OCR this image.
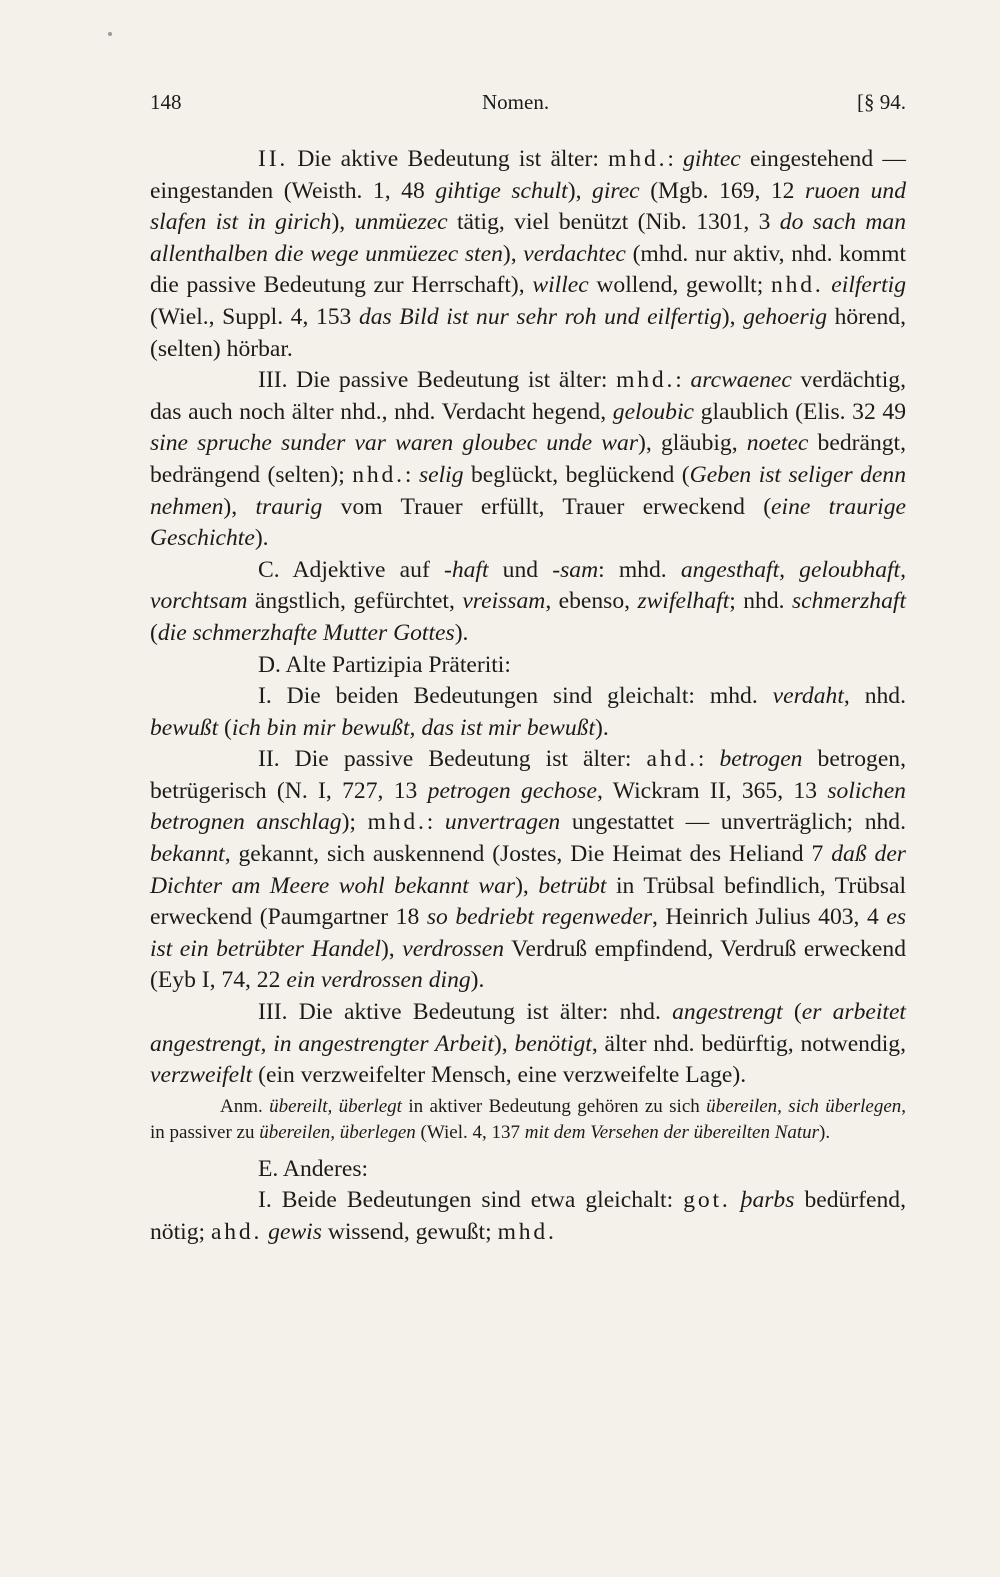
148	Nomen.	[§ 94.

II. Die aktive Bedeutung ist älter: mhd.: gihtec eingestehend —eingestanden (Weisth. 1, 48 gihtige schult), girec (Mgb. 169, 12 ruoen und slafen ist in girich), unmüezec tätig, viel benützt (Nib. 1301, 3 do sach man allenthalben die wege unmüezec sten), verdachtec (mhd. nur aktiv, nhd. kommt die passive Bedeutung zur Herrschaft), willec wollend, gewollt; nhd. eilfertig (Wiel., Suppl. 4, 153 das Bild ist nur sehr roh und eilfertig), gehoerig hörend, (selten) hörbar.

III. Die passive Bedeutung ist älter: mhd.: arcwaenec verdächtig, das auch noch älter nhd., nhd. Verdacht hegend, geloubic glaublich (Elis. 32 49 sine spruche sunder var waren gloubec unde war), gläubig, noetec bedrängt, bedrängend (selten); nhd.: selig beglückt, beglückend (Geben ist seliger denn nehmen), traurig vom Trauer erfüllt, Trauer erweckend (eine traurige Geschichte).

C. Adjektive auf -haft und -sam: mhd. angesthaft, geloubhaft, vorchtsam ängstlich, gefürchtet, vreissam, ebenso, zwifelhaft; nhd. schmerzhaft (die schmerzhafte Mutter Gottes).

D. Alte Partizipia Präteriti:

I. Die beiden Bedeutungen sind gleichalt: mhd. verdaht, nhd. bewußt (ich bin mir bewußt, das ist mir bewußt).

II. Die passive Bedeutung ist älter: ahd.: betrogen betrogen, betrügerisch (N. I, 727, 13 petrogen gechose, Wickram II, 365, 13 solichen betrognen anschlag); mhd.: unvertragen ungestattet — unverträglich; nhd. bekannt, gekannt, sich auskennend (Jostes, Die Heimat des Heliand 7 daß der Dichter am Meere wohl bekannt war), betrübt in Trübsal befindlich, Trübsal erweckend (Paumgartner 18 so bedriebt regenweder, Heinrich Julius 403, 4 es ist ein betrübter Handel), verdrossen Verdruß empfindend, Verdruß erweckend (Eyb I, 74, 22 ein verdrossen ding).

III. Die aktive Bedeutung ist älter: nhd. angestrengt (er arbeitet angestrengt, in angestrengter Arbeit), benötigt, älter nhd. bedürftig, notwendig, verzweifelt (ein verzweifelter Mensch, eine verzweifelte Lage).

Anm. übereilt, überlegt in aktiver Bedeutung gehören zu sich übereilen, sich überlegen, in passiver zu übereilen, überlegen (Wiel. 4, 137 mit dem Versehen der übereilten Natur).

E. Anderes:

I. Beide Bedeutungen sind etwa gleichalt: got. þarbs bedürfend, nötig; ahd. gewis wissend, gewußt; mhd.
